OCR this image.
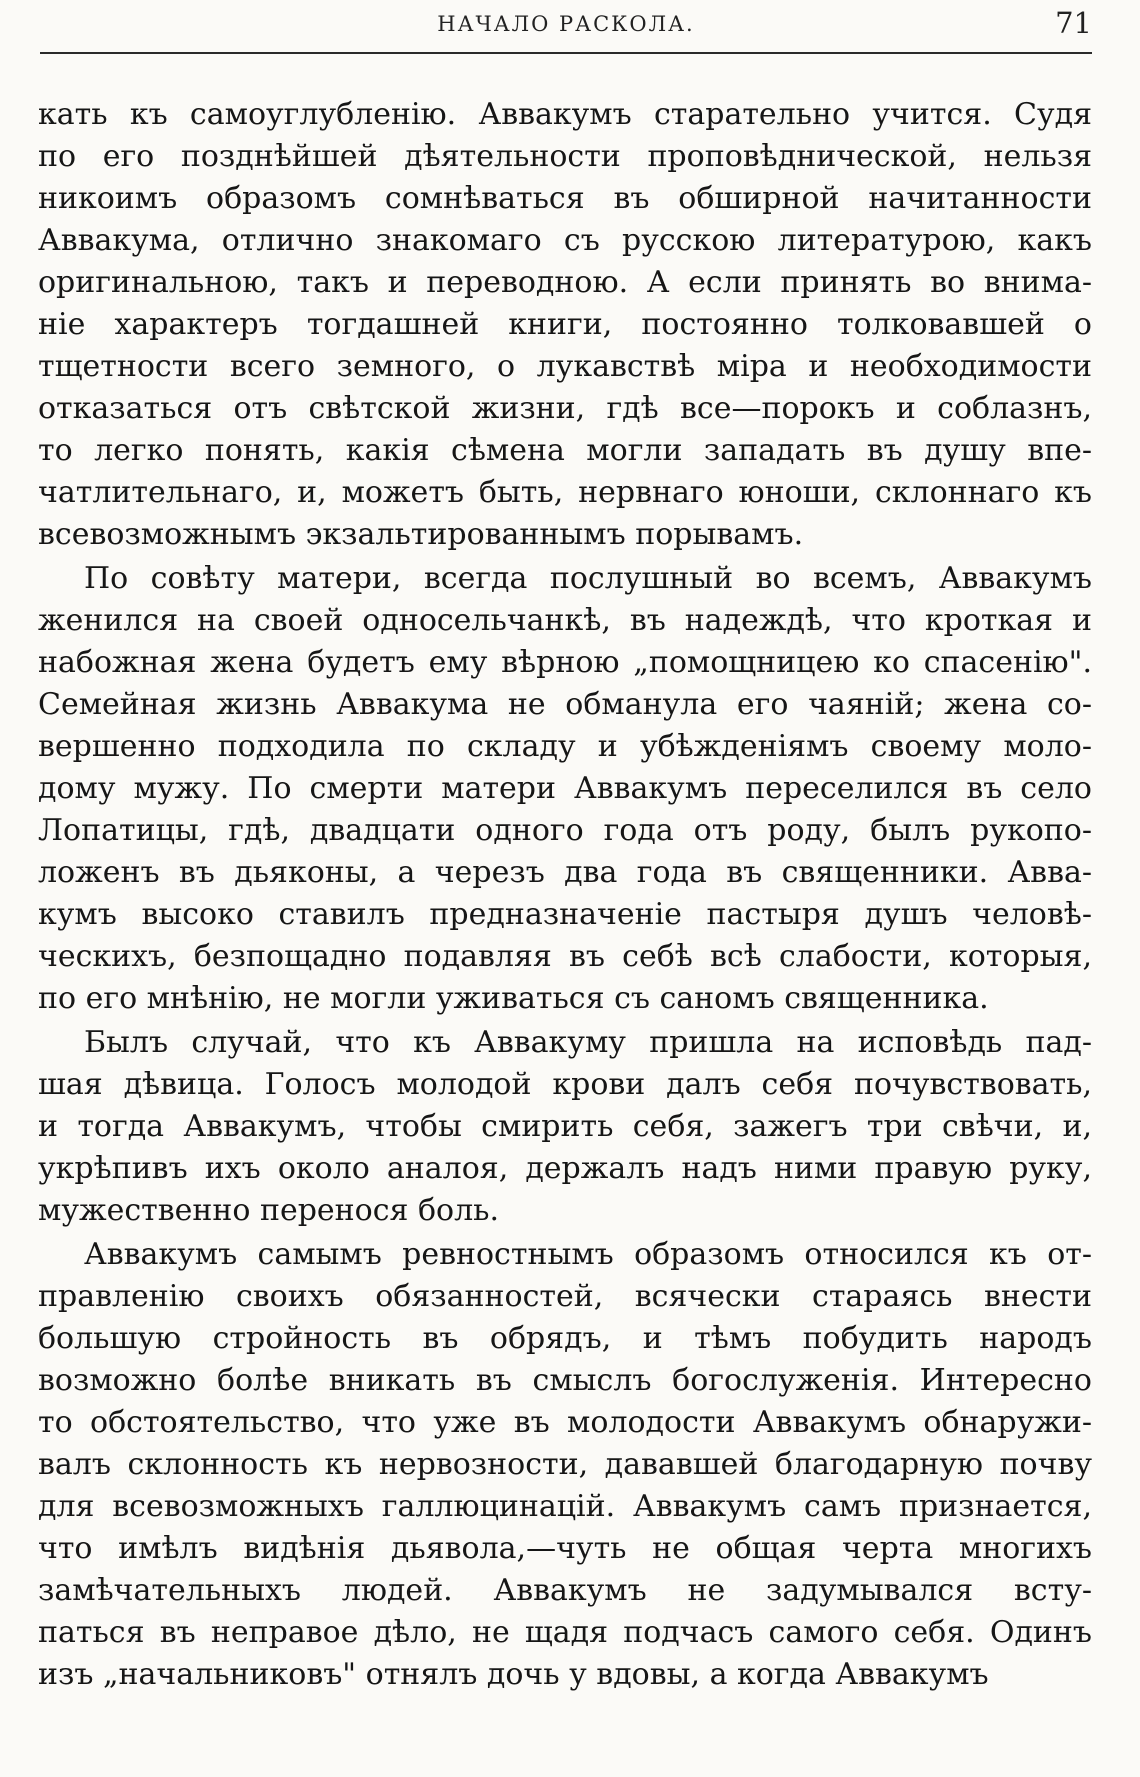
НАЧАЛО РАСКОЛА.	71
кать къ самоуглубленію. Аввакумъ старательно учится. Судя
по его позднѣйшей дѣятельности проповѣднической, нельзя
никоимъ образомъ сомнѣваться въ обширной начитанности
Аввакума, отлично знакомаго съ русскою литературою, какъ
оригинальною, такъ и переводною. А если принять во внима-
ніе характеръ тогдашней книги, постоянно толковавшей о
тщетности всего земного, о лукавствѣ міра и необходимости
отказаться отъ свѣтской жизни, гдѣ все—порокъ и соблазнъ,
то легко понять, какія сѣмена могли западать въ душу впе-
чатлительнаго, и, можетъ быть, нервнаго юноши, склоннаго къ
всевозможнымъ экзальтированнымъ порывамъ.
По совѣту матери, всегда послушный во всемъ, Аввакумъ
женился на своей односельчанкѣ, въ надеждѣ, что кроткая и
набожная жена будетъ ему вѣрною „помощницею ко спасенію".
Семейная жизнь Аввакума не обманула его чаяній; жена со-
вершенно подходила по складу и убѣжденіямъ своему моло-
дому мужу. По смерти матери Аввакумъ переселился въ село
Лопатицы, гдѣ, двадцати одного года отъ роду, былъ рукопо-
ложенъ въ дьяконы, а черезъ два года въ священники. Авва-
кумъ высоко ставилъ предназначеніе пастыря душъ человѣ-
ческихъ, безпощадно подавляя въ себѣ всѣ слабости, которыя,
по его мнѣнію, не могли уживаться съ саномъ священника.
Былъ случай, что къ Аввакуму пришла на исповѣдь пад-
шая дѣвица. Голосъ молодой крови далъ себя почувствовать,
и тогда Аввакумъ, чтобы смирить себя, зажегъ три свѣчи, и,
укрѣпивъ ихъ около аналоя, держалъ надъ ними правую руку,
мужественно перенося боль.
Аввакумъ самымъ ревностнымъ образомъ относился къ от-
правленію своихъ обязанностей, всячески стараясь внести
большую стройность въ обрядъ, и тѣмъ побудить народъ
возможно болѣе вникать въ смыслъ богослуженія. Интересно
то обстоятельство, что уже въ молодости Аввакумъ обнаружи-
валъ склонность къ нервозности, дававшей благодарную почву
для всевозможныхъ галлюцинацій. Аввакумъ самъ признается,
что имѣлъ видѣнія дьявола,—чуть не общая черта многихъ
замѣчательныхъ людей. Аввакумъ не задумывался всту-
паться въ неправое дѣло, не щадя подчасъ самого себя. Одинъ
изъ „начальниковъ" отнялъ дочь у вдовы, а когда Аввакумъ
